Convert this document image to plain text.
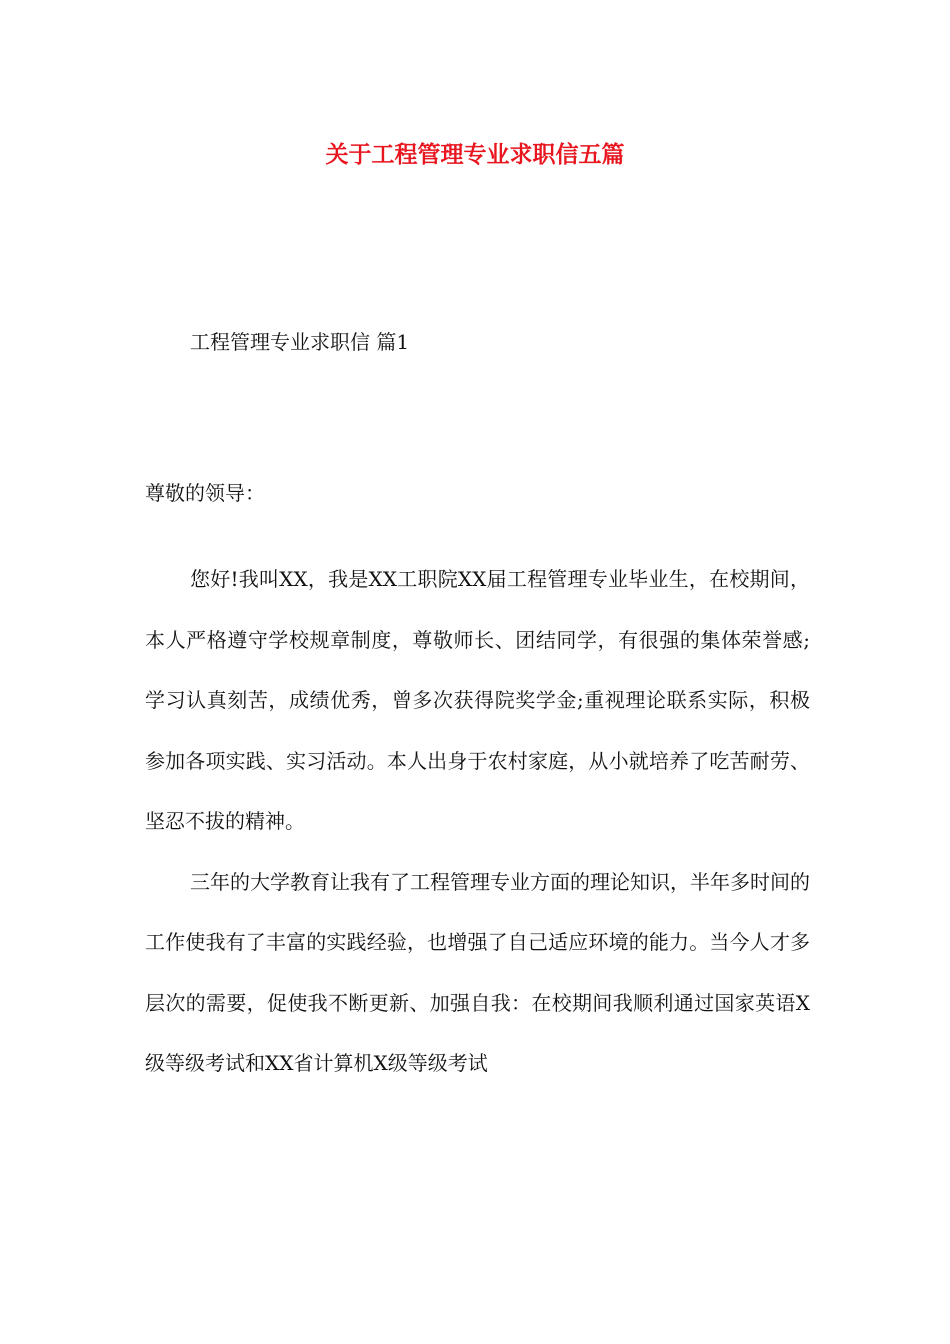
关于工程管理专业求职信五篇

工程管理专业求职信 篇1

尊敬的领导：

您好!我叫XX，我是XX工职院XX届工程管理专业毕业生，在校期间，本人严格遵守学校规章制度，尊敬师长、团结同学，有很强的集体荣誉感;学习认真刻苦，成绩优秀，曾多次获得院奖学金;重视理论联系实际，积极参加各项实践、实习活动。本人出身于农村家庭，从小就培养了吃苦耐劳、坚忍不拔的精神。

三年的大学教育让我有了工程管理专业方面的理论知识，半年多时间的工作使我有了丰富的实践经验，也增强了自己适应环境的能力。当今人才多层次的需要，促使我不断更新、加强自我：在校期间我顺利通过国家英语X级等级考试和XX省计算机X级等级考试
